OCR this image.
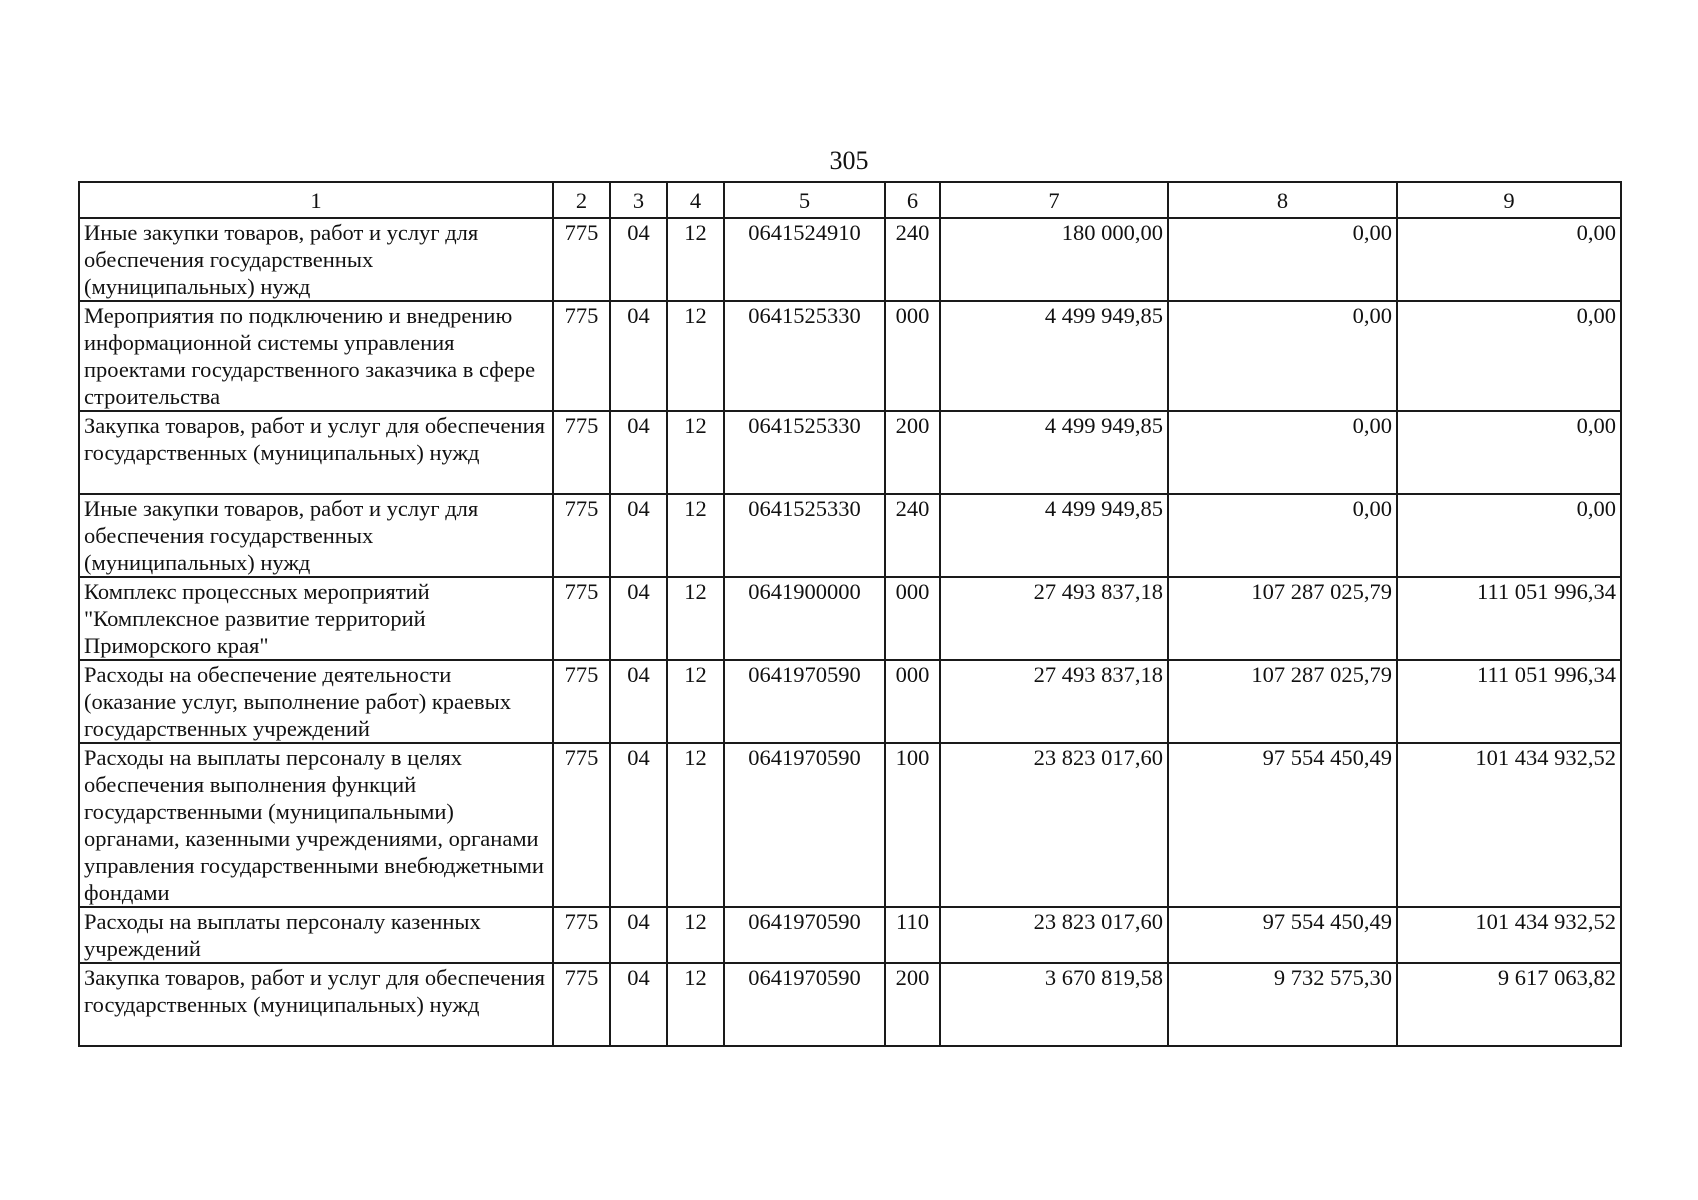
305
1	2	3	4	5	6	7	8	9
Иные закупки товаров, работ и услуг для обеспечения государственных (муниципальных) нужд	775	04	12	0641524910	240	180 000,00	0,00	0,00
Мероприятия по подключению и внедрению информационной системы управления проектами государственного заказчика в сфере строительства	775	04	12	0641525330	000	4 499 949,85	0,00	0,00
Закупка товаров, работ и услуг для обеспечения государственных (муниципальных) нужд	775	04	12	0641525330	200	4 499 949,85	0,00	0,00
Иные закупки товаров, работ и услуг для обеспечения государственных (муниципальных) нужд	775	04	12	0641525330	240	4 499 949,85	0,00	0,00
Комплекс процессных мероприятий "Комплексное развитие территорий Приморского края"	775	04	12	0641900000	000	27 493 837,18	107 287 025,79	111 051 996,34
Расходы на обеспечение деятельности (оказание услуг, выполнение работ) краевых государственных учреждений	775	04	12	0641970590	000	27 493 837,18	107 287 025,79	111 051 996,34
Расходы на выплаты персоналу в целях обеспечения выполнения функций государственными (муниципальными) органами, казенными учреждениями, органами управления государственными внебюджетными фондами	775	04	12	0641970590	100	23 823 017,60	97 554 450,49	101 434 932,52
Расходы на выплаты персоналу казенных учреждений	775	04	12	0641970590	110	23 823 017,60	97 554 450,49	101 434 932,52
Закупка товаров, работ и услуг для обеспечения государственных (муниципальных) нужд	775	04	12	0641970590	200	3 670 819,58	9 732 575,30	9 617 063,82
